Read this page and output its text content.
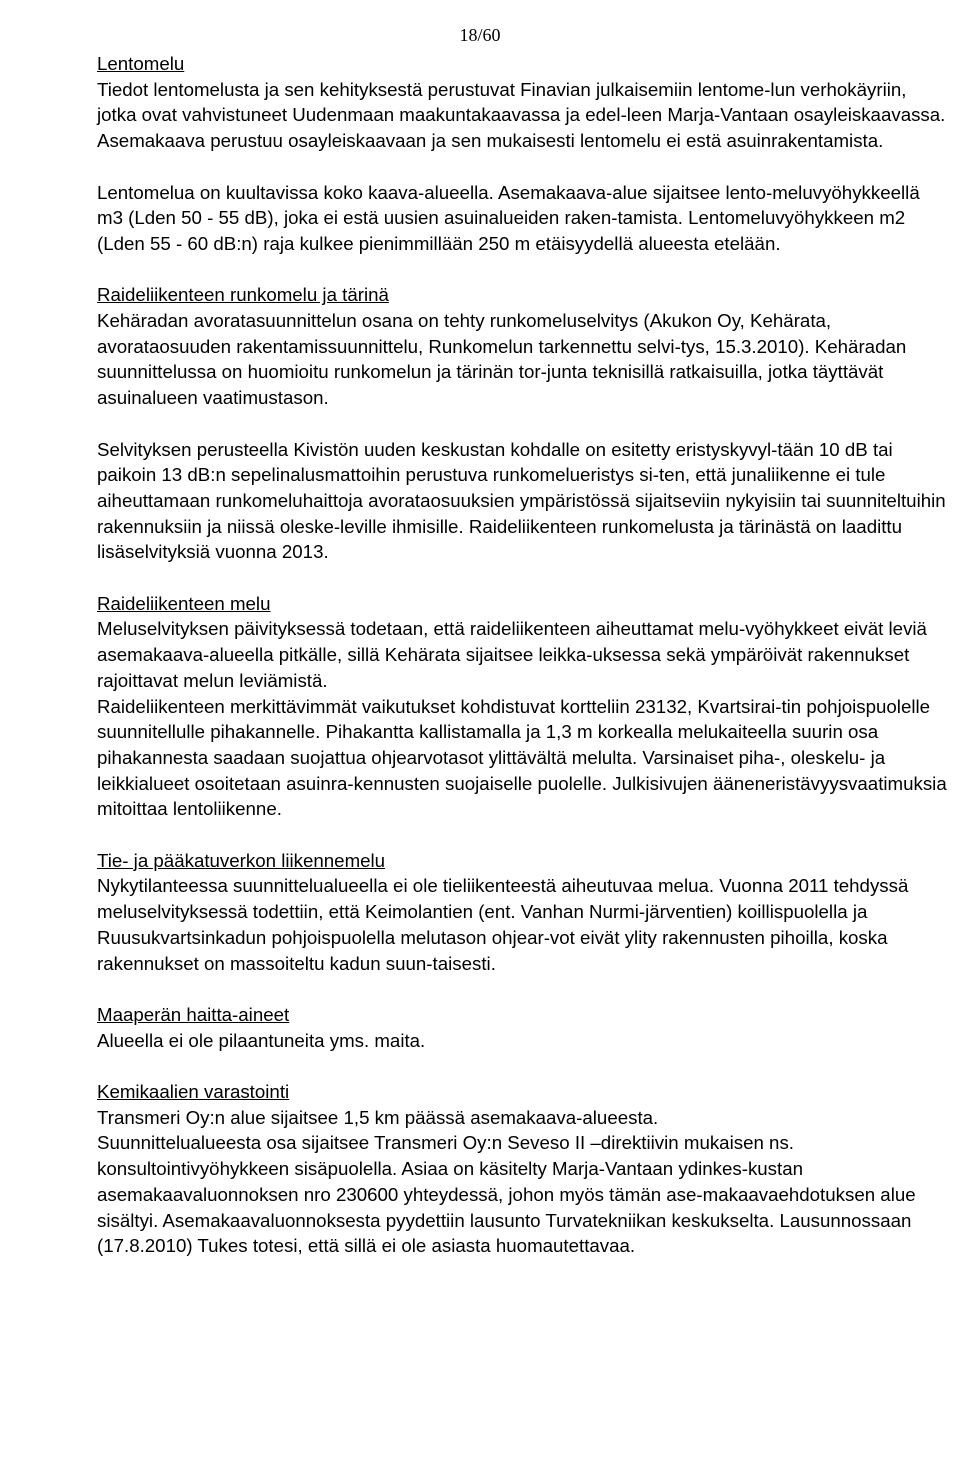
Asemakaava ja asemakaavanmuutos, tonttijako, Kivistö, Kaavanro: 231300, 30.9.2013, 24.2.2014 tarkistettu
18/60

Lentomelu

Tiedot lentomelusta ja sen kehityksestä perustuvat Finavian julkaisemiin lentome-lun verhokäyriin, jotka ovat vahvistuneet Uudenmaan maakuntakaavassa ja edel-leen Marja-Vantaan osayleiskaavassa. Asemakaava perustuu osayleiskaavaan ja sen mukaisesti lentomelu ei estä asuinrakentamista.

Lentomelua on kuultavissa koko kaava-alueella. Asemakaava-alue sijaitsee lento-meluvyöhykkeellä m3 (Lden 50 - 55 dB), joka ei estä uusien asuinalueiden raken-tamista. Lentomeluvyöhykkeen m2 (Lden 55 - 60 dB:n) raja kulkee pienimmillään 250 m etäisyydellä alueesta etelään.

Raideliikenteen runkomelu ja tärinä

Kehäradan avoratasuunnittelun osana on tehty runkomeluselvitys (Akukon Oy, Kehärata, avorataosuuden rakentamissuunnittelu, Runkomelun tarkennettu selvi-tys, 15.3.2010). Kehäradan suunnittelussa on huomioitu runkomelun ja tärinän tor-junta teknisillä ratkaisuilla, jotka täyttävät asuinalueen vaatimustason.

Selvityksen perusteella Kivistön uuden keskustan kohdalle on esitetty eristyskyvyl-tään 10 dB tai paikoin 13 dB:n sepelinalusmattoihin perustuva runkomelueristys si-ten, että junaliikenne ei tule aiheuttamaan runkomeluhaittoja avorataosuuksien ympäristössä sijaitseviin nykyisiin tai suunniteltuihin rakennuksiin ja niissä oleske-leville ihmisille. Raideliikenteen runkomelusta ja tärinästä on laadittu lisäselvityksiä vuonna 2013.

Raideliikenteen melu

Meluselvityksen päivityksessä todetaan, että raideliikenteen aiheuttamat melu-vyöhykkeet eivät leviä asemakaava-alueella pitkälle, sillä Kehärata sijaitsee leikka-uksessa sekä ympäröivät rakennukset rajoittavat melun leviämistä.

Raideliikenteen merkittävimmät vaikutukset kohdistuvat kortteliin 23132, Kvartsirai-tin pohjoispuolelle suunnitellulle pihakannelle. Pihakantta kallistamalla ja 1,3 m korkealla melukaiteella suurin osa pihakannesta saadaan suojattua ohjearvotasot ylittävältä melulta. Varsinaiset piha-, oleskelu- ja leikkialueet osoitetaan asuinra-kennusten suojaiselle puolelle. Julkisivujen ääneneristävyysvaatimuksia mitoittaa lentoliikenne.

Tie- ja pääkatuverkon liikennemelu

Nykytilanteessa suunnittelualueella ei ole tieliikenteestä aiheutuvaa melua. Vuonna 2011 tehdyssä meluselvityksessä todettiin, että Keimolantien (ent. Vanhan Nurmi-järventien) koillispuolella ja Ruusukvartsinkadun pohjoispuolella melutason ohjear-vot eivät ylity rakennusten pihoilla, koska rakennukset on massoiteltu kadun suun-taisesti.

Maaperän haitta-aineet

Alueella ei ole pilaantuneita yms. maita.

Kemikaalien varastointi

Transmeri Oy:n alue sijaitsee 1,5 km päässä asemakaava-alueesta.

Suunnittelualueesta osa sijaitsee Transmeri Oy:n Seveso II –direktiivin mukaisen ns. konsultointivyöhykkeen sisäpuolella. Asiaa on käsitelty Marja-Vantaan ydinkes-kustan asemakaavaluonnoksen nro 230600 yhteydessä, johon myös tämän ase-makaavaehdotuksen alue sisältyi. Asemakaavaluonnoksesta pyydettiin lausunto Turvatekniikan keskukselta. Lausunnossaan (17.8.2010) Tukes totesi, että sillä ei ole asiasta huomautettavaa.
